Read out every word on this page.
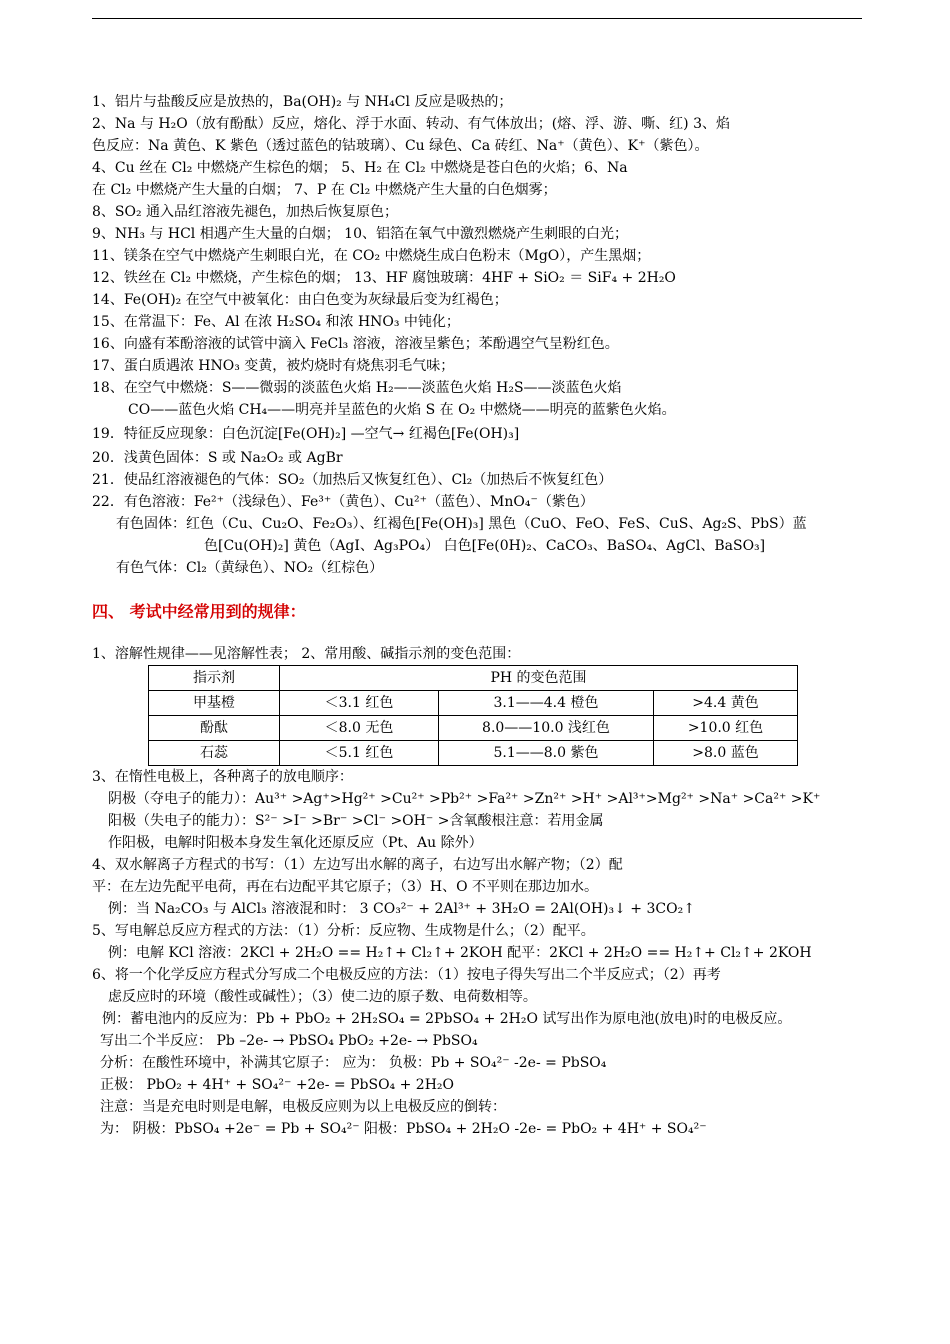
1、铝片与盐酸反应是放热的，Ba(OH)₂ 与 NH₄Cl 反应是吸热的；
2、Na 与 H₂O（放有酚酞）反应，熔化、浮于水面、转动、有气体放出；(熔、浮、游、嘶、红) 3、焰
色反应：Na 黄色、K 紫色（透过蓝色的钴玻璃）、Cu 绿色、Ca 砖红、Na⁺（黄色）、K⁺（紫色）。
4、Cu 丝在 Cl₂ 中燃烧产生棕色的烟； 5、H₂ 在 Cl₂ 中燃烧是苍白色的火焰；6、Na
在 Cl₂ 中燃烧产生大量的白烟； 7、P 在 Cl₂ 中燃烧产生大量的白色烟雾；
8、SO₂ 通入品红溶液先褪色，加热后恢复原色；
9、NH₃ 与 HCl 相遇产生大量的白烟； 10、铝箔在氧气中激烈燃烧产生刺眼的白光；
11、镁条在空气中燃烧产生刺眼白光，在 CO₂ 中燃烧生成白色粉末（MgO），产生黑烟；
12、铁丝在 Cl₂ 中燃烧，产生棕色的烟； 13、HF 腐蚀玻璃：4HF + SiO₂ ＝ SiF₄ + 2H₂O
14、Fe(OH)₂ 在空气中被氧化：由白色变为灰绿最后变为红褐色；
15、在常温下：Fe、Al 在浓 H₂SO₄ 和浓 HNO₃ 中钝化；
16、向盛有苯酚溶液的试管中滴入 FeCl₃ 溶液，溶液呈紫色；苯酚遇空气呈粉红色。
17、蛋白质遇浓 HNO₃ 变黄，被灼烧时有烧焦羽毛气味；
18、在空气中燃烧：S——微弱的淡蓝色火焰 H₂——淡蓝色火焰 H₂S——淡蓝色火焰
CO——蓝色火焰 CH₄——明亮并呈蓝色的火焰 S 在 O₂ 中燃烧——明亮的蓝紫色火焰。
19．特征反应现象：白色沉淀[Fe(OH)₂] —空气→ 红褐色[Fe(OH)₃]
20．浅黄色固体：S 或 Na₂O₂ 或 AgBr
21．使品红溶液褪色的气体：SO₂（加热后又恢复红色）、Cl₂（加热后不恢复红色）
22．有色溶液：Fe²⁺（浅绿色）、Fe³⁺（黄色）、Cu²⁺（蓝色）、MnO₄⁻（紫色）
有色固体：红色（Cu、Cu₂O、Fe₂O₃）、红褐色[Fe(OH)₃] 黑色（CuO、FeO、FeS、CuS、Ag₂S、PbS）蓝
色[Cu(OH)₂] 黄色（AgI、Ag₃PO₄） 白色[Fe(0H)₂、CaCO₃、BaSO₄、AgCl、BaSO₃]
有色气体：Cl₂（黄绿色）、NO₂（红棕色）
四、 考试中经常用到的规律：
1、溶解性规律——见溶解性表； 2、常用酸、碱指示剂的变色范围：
指示剂	PH 的变色范围		
甲基橙	＜3.1 红色	3.1——4.4 橙色	>4.4 黄色
酚酞	＜8.0 无色	8.0——10.0 浅红色	>10.0 红色
石蕊	＜5.1 红色	5.1——8.0 紫色	>8.0 蓝色
3、在惰性电极上，各种离子的放电顺序：
阴极（夺电子的能力）：Au³⁺ >Ag⁺>Hg²⁺ >Cu²⁺ >Pb²⁺ >Fa²⁺ >Zn²⁺ >H⁺ >Al³⁺>Mg²⁺ >Na⁺ >Ca²⁺ >K⁺
阳极（失电子的能力）：S²⁻ >I⁻ >Br⁻ >Cl⁻ >OH⁻ >含氧酸根注意：若用金属
作阳极，电解时阳极本身发生氧化还原反应（Pt、Au 除外）
4、双水解离子方程式的书写：（1）左边写出水解的离子，右边写出水解产物；（2）配
平：在左边先配平电荷，再在右边配平其它原子；（3）H、O 不平则在那边加水。
例：当 Na₂CO₃ 与 AlCl₃ 溶液混和时： 3 CO₃²⁻ + 2Al³⁺ + 3H₂O = 2Al(OH)₃↓ + 3CO₂↑
5、写电解总反应方程式的方法：（1）分析：反应物、生成物是什么；（2）配平。
例：电解 KCl 溶液：2KCl + 2H₂O == H₂↑+ Cl₂↑+ 2KOH 配平：2KCl + 2H₂O == H₂↑+ Cl₂↑+ 2KOH
6、将一个化学反应方程式分写成二个电极反应的方法：（1）按电子得失写出二个半反应式；（2）再考
虑反应时的环境（酸性或碱性）；（3）使二边的原子数、电荷数相等。
例：蓄电池内的反应为：Pb + PbO₂ + 2H₂SO₄ = 2PbSO₄ + 2H₂O 试写出作为原电池(放电)时的电极反应。
写出二个半反应： Pb –2e- → PbSO₄ PbO₂ +2e- → PbSO₄
分析：在酸性环境中，补满其它原子： 应为： 负极：Pb + SO₄²⁻ -2e- = PbSO₄
正极： PbO₂ + 4H⁺ + SO₄²⁻ +2e- = PbSO₄ + 2H₂O
注意：当是充电时则是电解，电极反应则为以上电极反应的倒转：
为： 阴极：PbSO₄ +2e⁻ = Pb + SO₄²⁻ 阳极：PbSO₄ + 2H₂O -2e- = PbO₂ + 4H⁺ + SO₄²⁻
